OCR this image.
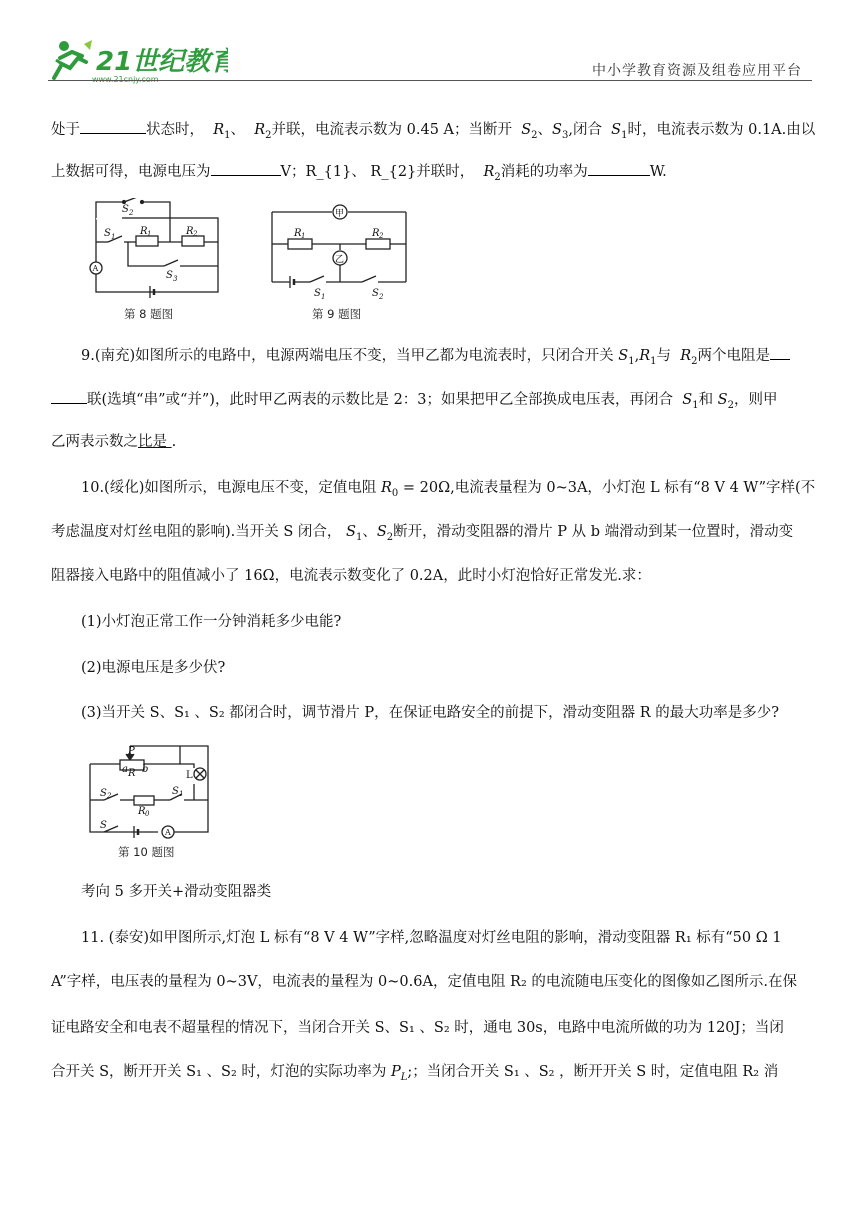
21世纪教育
www.21cnjy.com
中小学教育资源及组卷应用平台
处于	状态时，  $R_1$、  $R_2$并联，电流表示数为 0.45 A；当断开  $S_2$、$S_3$,闭合  $S_1$时，电流表示数为 0.1A.由以
上数据可得，电源电压为	V；R_{1}、 R_{2}并联时，  $R_2$消耗的功率为	W.
S 2
S 1 R 1	R 2
S 3
A
第 8 题图
甲
乙
R 1	R 2
S 1	S 2
第 9 题图
9.(南充)如图所示的电路中，电源两端电压不变，当甲乙都为电流表时，只闭合开关 $S_1,R_1$与  $R_2$两个电阻是
联(选填“串”或“并”)，此时甲乙两表的示数比是 2：3；如果把甲乙全部换成电压表，再闭合  $S_1$和 $S_2$，则甲
乙两表示数之比是 .
10.(绥化)如图所示，电源电压不变，定值电阻 $R_0 = 20\Omega$,电流表量程为 0~3A，小灯泡 L 标有“8 V 4 W”字样(不
考虑温度对灯丝电阻的影响).当开关 S 闭合， $S_1$、$S_2$断开，滑动变阻器的滑片 P 从 b 端滑动到某一位置时，滑动变
阻器接入电路中的阻值减小了 16Ω，电流表示数变化了 0.2A，此时小灯泡恰好正常发光.求：
(1)小灯泡正常工作一分钟消耗多少电能?
(2)电源电压是多少伏?
(3)当开关 S、S₁ 、S₂ 都闭合时，调节滑片 P，在保证电路安全的前提下，滑动变阻器 R 的最大功率是多少?
P
a R b
L
S 2
R 0
S 1
S
A
第 10 题图
考向 5 多开关+滑动变阻器类
11. (泰安)如甲图所示,灯泡 L 标有“8 V 4 W”字样,忽略温度对灯丝电阻的影响，滑动变阻器 R₁ 标有“50 Ω 1
A”字样，电压表的量程为 0~3V，电流表的量程为 0~0.6A，定值电阻 R₂ 的电流随电压变化的图像如乙图所示.在保
证电路安全和电表不超量程的情况下，当闭合开关 S、S₁ 、S₂ 时，通电 30s，电路中电流所做的功为 120J；当闭
合开关 S，断开开关 S₁ 、S₂ 时，灯泡的实际功率为 $P_L$;；当闭合开关 S₁ 、S₂ ，断开开关 S 时，定值电阻 R₂ 消
